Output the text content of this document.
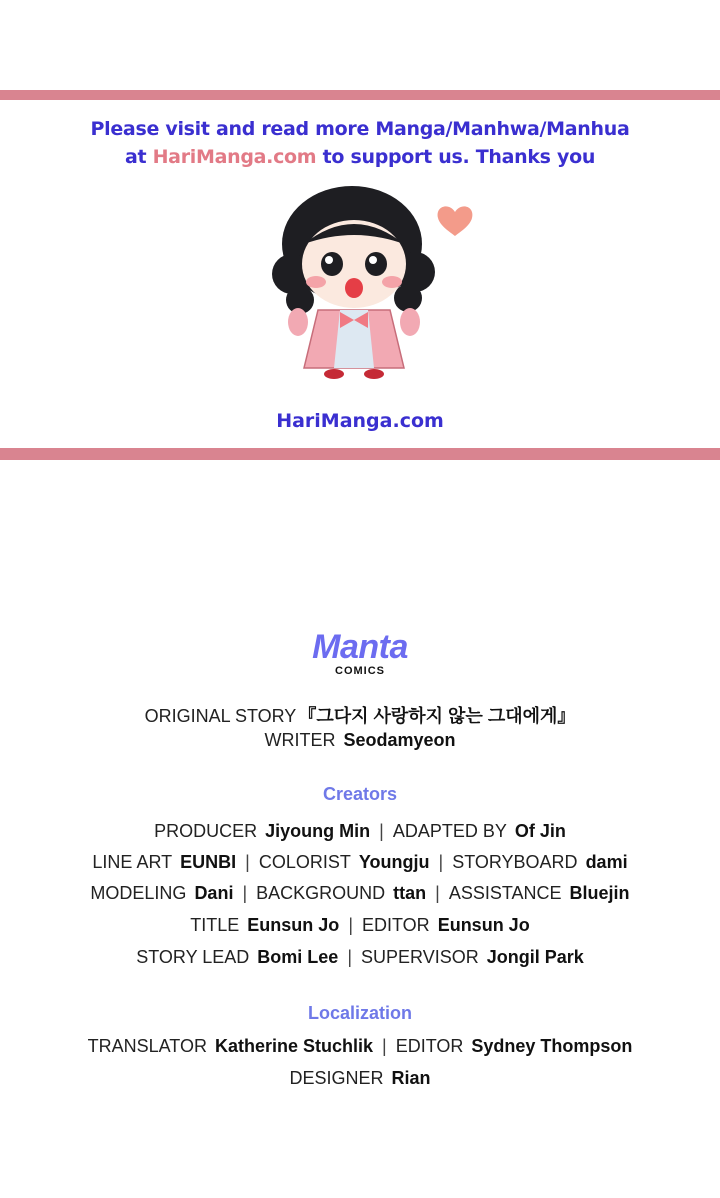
Please visit and read more Manga/Manhwa/Manhua
at HariManga.com to support us. Thanks you
HariManga.com
Manta
COMICS
ORIGINAL STORY 『그다지 사랑하지 않는 그대에게』
WRITER Seodamyeon
Creators
PRODUCER Jiyoung Min | ADAPTED BY Of Jin
LINE ART EUNBI | COLORIST Youngju | STORYBOARD dami
MODELING Dani | BACKGROUND ttan | ASSISTANCE Bluejin
TITLE Eunsun Jo | EDITOR Eunsun Jo
STORY LEAD Bomi Lee | SUPERVISOR Jongil Park
Localization
TRANSLATOR Katherine Stuchlik | EDITOR Sydney Thompson
DESIGNER Rian
